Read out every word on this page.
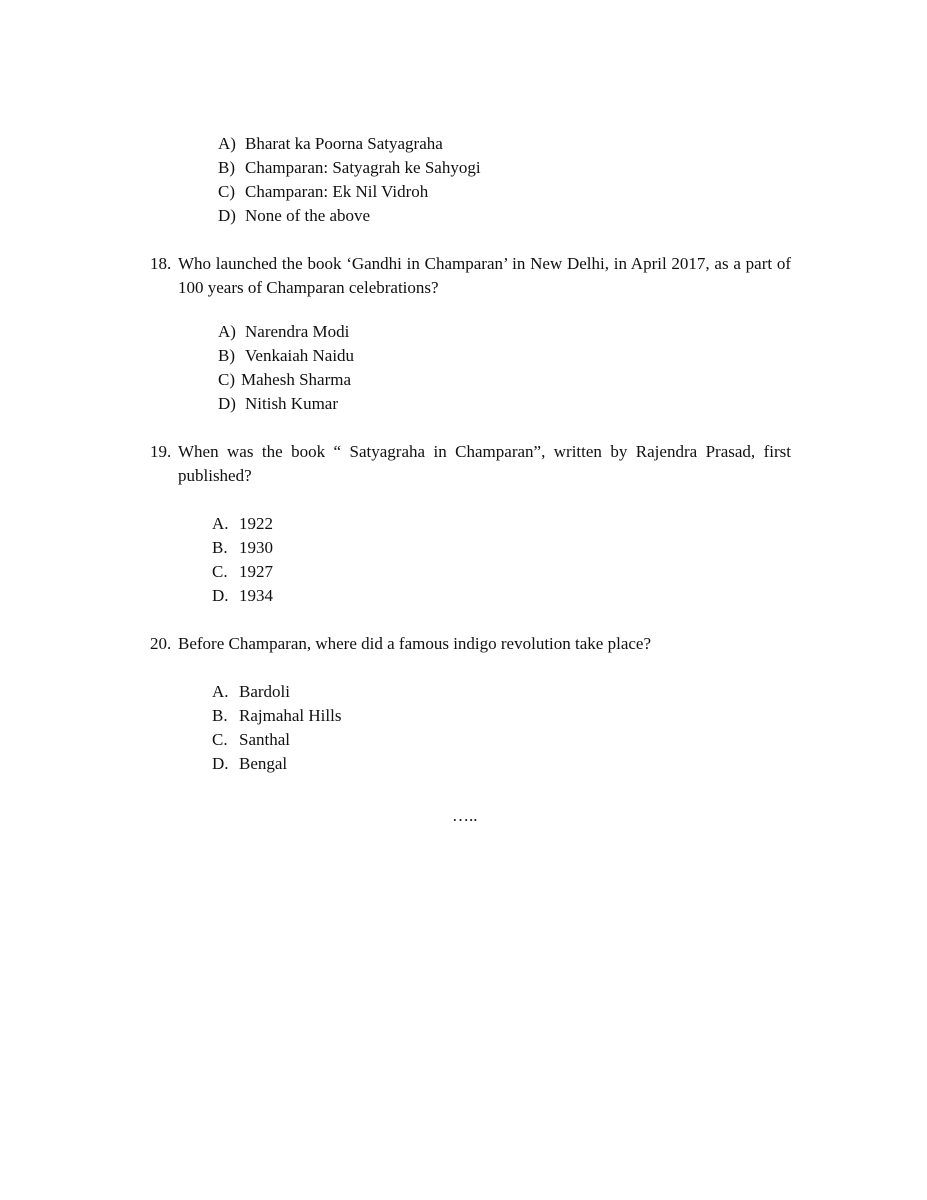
A) Bharat ka Poorna Satyagraha
B) Champaran: Satyagrah ke Sahyogi
C) Champaran: Ek Nil Vidroh
D) None of the above
18. Who launched the book ‘Gandhi in Champaran’ in New Delhi, in April 2017, as a part of 100 years of Champaran celebrations?
A) Narendra Modi
B) Venkaiah Naidu
C) Mahesh Sharma
D) Nitish Kumar
19. When was the book “ Satyagraha in Champaran”, written by Rajendra Prasad, first published?
A. 1922
B. 1930
C. 1927
D. 1934
20. Before Champaran, where did a famous indigo revolution take place?
A. Bardoli
B. Rajmahal Hills
C. Santhal
D. Bengal
…..
